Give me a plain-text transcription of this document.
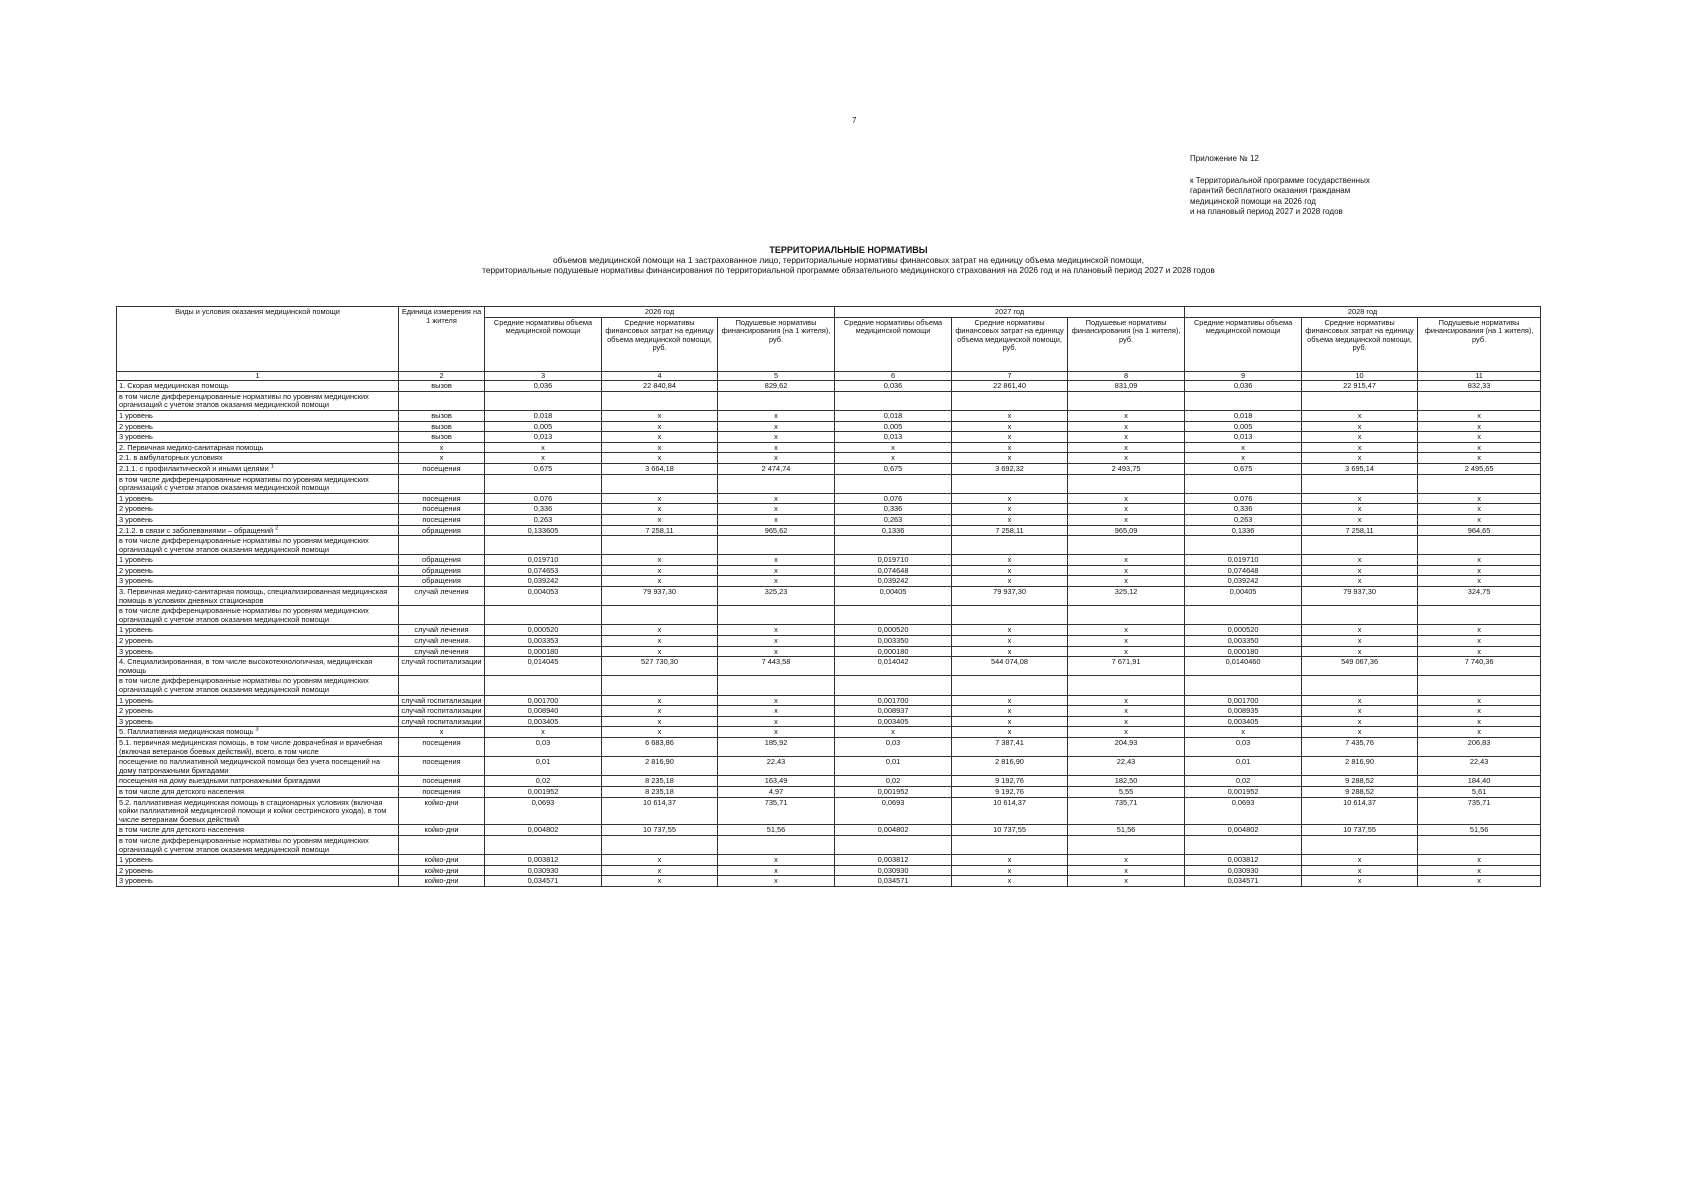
7
Приложение № 12
к Территориальной программе государственных
гарантий бесплатного оказания гражданам
медицинской помощи на 2026 год
и на плановый период 2027 и 2028 годов
ТЕРРИТОРИАЛЬНЫЕ НОРМАТИВЫ
объемов медицинской помощи на 1 застрахованное лицо, территориальные нормативы финансовых затрат на единицу объема медицинской помощи,
территориальные подушевые нормативы финансирования по территориальной программе обязательного медицинского страхования на 2026 год и на плановый период 2027 и 2028 годов
Виды и условия оказания медицинской помощи	Единица измерения на 1 жителя	2026 год			2027 год			2028 год		
		Средние нормативы объема медицинской помощи	Средние нормативы финансовых затрат на единицу объема медицинской помощи, руб.	Подушевые нормативы финансирования (на 1 жителя), руб.	Средние нормативы объема медицинской помощи	Средние нормативы финансовых затрат на единицу объема медицинской помощи, руб.	Подушевые нормативы финансирования (на 1 жителя), руб.	Средние нормативы объема медицинской помощи	Средние нормативы финансовых затрат на единицу объема медицинской помощи, руб.	Подушевые нормативы финансирования (на 1 жителя), руб.
1	2	3	4	5	6	7	8	9	10	11
1. Скорая медицинская помощь	вызов	0,036	22 840,84	829,62	0,036	22 861,40	831,09	0,036	22 915,47	832,33
в том числе дифференцированные нормативы по уровням медицинских организаций с учетом этапов оказания медицинской помощи										
1 уровень	вызов	0,018	x	x	0,018	x	x	0,018	x	x
2 уровень	вызов	0,005	x	x	0,005	x	x	0,005	x	x
3 уровень	вызов	0,013	x	x	0,013	x	x	0,013	x	x
2. Первичная медико-санитарная помощь	x	x	x	x	x	x	x	x	x	x
2.1. в амбулаторных условиях	x	x	x	x	x	x	x	x	x	x
2.1.1. с профилактической и иными целями $^1$	посещения	0,675	3 664,18	2 474,74	0,675	3 692,32	2 493,75	0,675	3 695,14	2 495,65
в том числе дифференцированные нормативы по уровням медицинских организаций с учетом этапов оказания медицинской помощи										
1 уровень	посещения	0,076	x	x	0,076	x	x	0,076	x	x
2 уровень	посещения	0,336	x	x	0,336	x	x	0,336	x	x
3 уровень	посещения	0,263	x	x	0,263	x	x	0,263	x	x
2.1.2. в связи с заболеваниями – обращений $^2$	обращения	0,133605	7 258,11	965,62	0,1336	7 258,11	965,09	0,1336	7 258,11	964,65
в том числе дифференцированные нормативы по уровням медицинских организаций с учетом этапов оказания медицинской помощи										
1 уровень	обращения	0,019710	x	x	0,019710	x	x	0,019710	x	x
2 уровень	обращения	0,074653	x	x	0,074648	x	x	0,074648	x	x
3 уровень	обращения	0,039242	x	x	0,039242	x	x	0,039242	x	x
3. Первичная медико-санитарная помощь, специализированная медицинская помощь в условиях дневных стационаров	случай лечения	0,004053	79 937,30	325,23	0,00405	79 937,30	325,12	0,00405	79 937,30	324,75
в том числе дифференцированные нормативы по уровням медицинских организаций с учетом этапов оказания медицинской помощи										
1 уровень	случай лечения	0,000520	x	x	0,000520	x	x	0,000520	x	x
2 уровень	случай лечения	0,003353	x	x	0,003350	x	x	0,003350	x	x
3 уровень	случай лечения	0,000180	x	x	0,000180	x	x	0,000180	x	x
4. Специализированная, в том числе высокотехнологичная, медицинская помощь	случай госпитализации	0,014045	527 730,30	7 443,58	0,014042	544 074,08	7 671,91	0,0140460	549 067,36	7 740,36
в том числе дифференцированные нормативы по уровням медицинских организаций с учетом этапов оказания медицинской помощи										
1 уровень	случай госпитализации	0,001700	x	x	0,001700	x	x	0,001700	x	x
2 уровень	случай госпитализации	0,008940	x	x	0,008937	x	x	0,008935	x	x
3 уровень	случай госпитализации	0,003405	x	x	0,003405	x	x	0,003405	x	x
5. Паллиативная медицинская помощь $^3$	x	x	x	x	x	x	x	x	x	x
5.1. первичная медицинская помощь, в том числе доврачебная и врачебная (включая ветеранов боевых действий), всего, в том числе	посещения	0,03	6 683,86	185,92	0,03	7 387,41	204,93	0,03	7 435,76	206,83
посещение по паллиативной медицинской помощи без учета посещений на дому патронажными бригадами	посещения	0,01	2 816,90	22,43	0,01	2 816,90	22,43	0,01	2 816,90	22,43
посещения на дому выездными патронажными бригадами	посещения	0,02	8 235,18	163,49	0,02	9 192,76	182,50	0,02	9 288,52	184,40
в том числе для детского населения	посещения	0,001952	8 235,18	4,97	0,001952	9 192,76	5,55	0,001952	9 288,52	5,61
5.2. паллиативная медицинская помощь в стационарных условиях (включая койки паллиативной медицинской помощи и койки сестринского ухода), в том числе ветеранам боевых действий	койко-дни	0,0693	10 614,37	735,71	0,0693	10 614,37	735,71	0,0693	10 614,37	735,71
в том числе для детского населения	койко-дни	0,004802	10 737,55	51,56	0,004802	10 737,55	51,56	0,004802	10 737,55	51,56
в том числе дифференцированные нормативы по уровням медицинских организаций с учетом этапов оказания медицинской помощи										
1 уровень	койко-дни	0,003812	x	x	0,003812	x	x	0,003812	x	x
2 уровень	койко-дни	0,030930	x	x	0,030930	x	x	0,030930	x	x
3 уровень	койко-дни	0,034571	x	x	0,034571	x	x	0,034571	x	x
